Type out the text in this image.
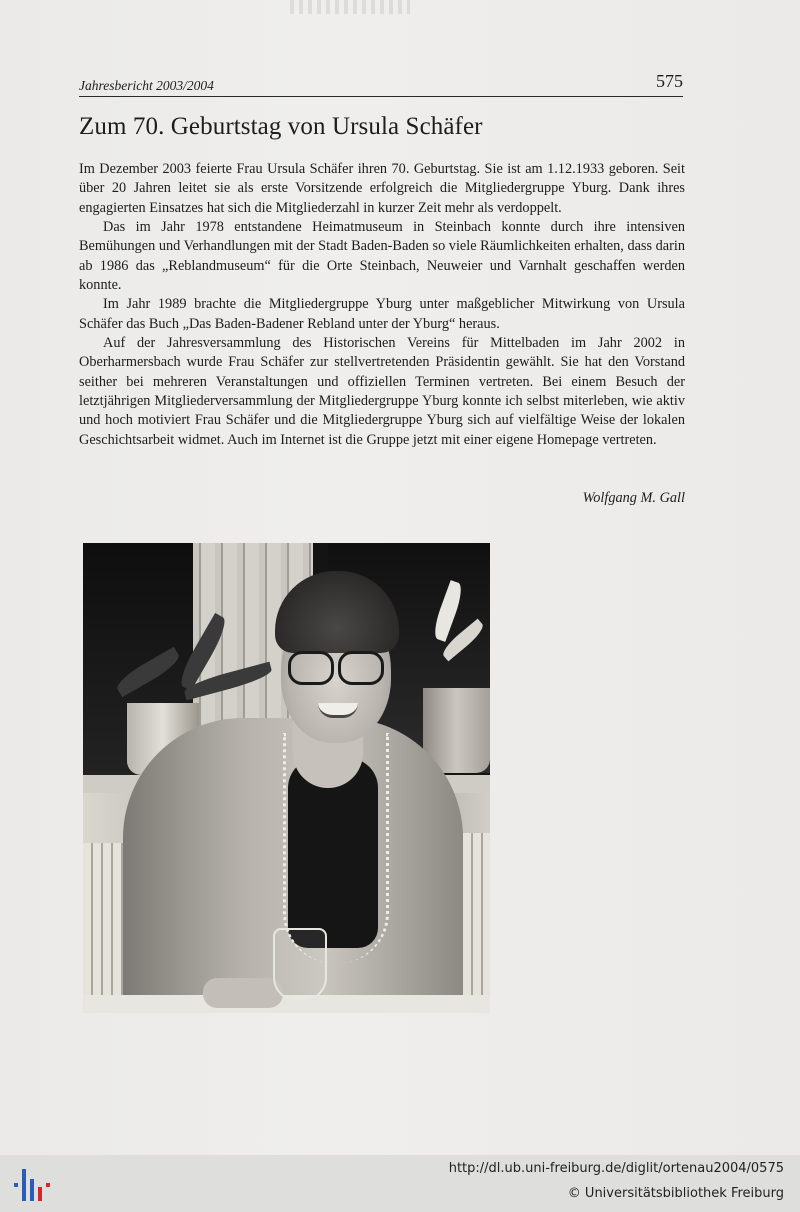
Jahresbericht 2003/2004	575
Zum 70. Geburtstag von Ursula Schäfer

Im Dezember 2003 feierte Frau Ursula Schäfer ihren 70. Geburtstag. Sie ist am 1.12.1933 geboren. Seit über 20 Jahren leitet sie als erste Vorsitzende erfolgreich die Mitgliedergruppe Yburg. Dank ihres engagierten Einsatzes hat sich die Mitgliederzahl in kurzer Zeit mehr als verdoppelt.

Das im Jahr 1978 entstandene Heimatmuseum in Steinbach konnte durch ihre intensiven Bemühungen und Verhandlungen mit der Stadt Baden-Baden so viele Räumlichkeiten erhalten, dass darin ab 1986 das „Reblandmuseum“ für die Orte Steinbach, Neuweier und Varnhalt geschaffen werden konnte.

Im Jahr 1989 brachte die Mitgliedergruppe Yburg unter maßgeblicher Mitwirkung von Ursula Schäfer das Buch „Das Baden-Badener Rebland unter der Yburg“ heraus.

Auf der Jahresversammlung des Historischen Vereins für Mittelbaden im Jahr 2002 in Oberharmersbach wurde Frau Schäfer zur stellvertretenden Präsidentin gewählt. Sie hat den Vorstand seither bei mehreren Veranstaltungen und offiziellen Terminen vertreten. Bei einem Besuch der letztjährigen Mitgliederversammlung der Mitgliedergruppe Yburg konnte ich selbst miterleben, wie aktiv und hoch motiviert Frau Schäfer und die Mitgliedergruppe Yburg sich auf vielfältige Weise der lokalen Geschichtsarbeit widmet. Auch im Internet ist die Gruppe jetzt mit einer eigene Homepage vertreten.

Wolfgang M. Gall
http://dl.ub.uni-freiburg.de/diglit/ortenau2004/0575
© Universitätsbibliothek Freiburg
